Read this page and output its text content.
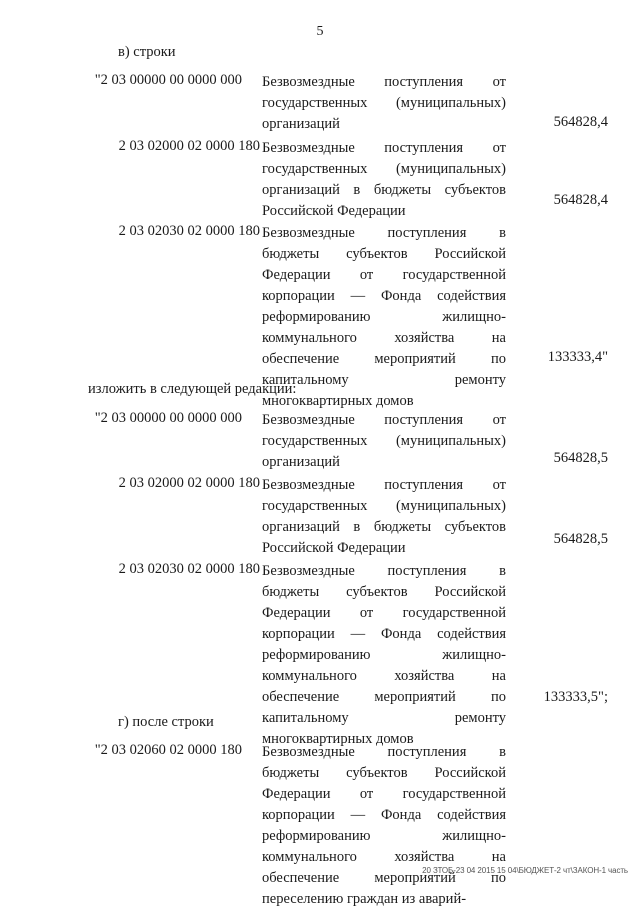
5
в) строки
"2 03 00000 00 0000 000 Безвозмездные поступления от государственных (муниципальных) организаций	564828,4
2 03 02000 02 0000 180 Безвозмездные поступления от государственных (муниципальных) организаций в бюджеты субъектов Российской Федерации
564828,4
2 03 02030 02 0000 180 Безвозмездные поступления в бюджеты субъектов Российской Федерации от государственной корпорации — Фонда содействия реформированию жилищно-коммунального хозяйства на обеспечение мероприятий по капитальному ремонту многоквартирных домов
133333,4"
изложить в следующей редакции:
"2 03 00000 00 0000 000 Безвозмездные поступления от государственных (муниципальных) организаций	564828,5
2 03 02000 02 0000 180 Безвозмездные поступления от государственных (муниципальных) организаций в бюджеты субъектов Российской Федерации
564828,5
2 03 02030 02 0000 180 Безвозмездные поступления в бюджеты субъектов Российской Федерации от государственной корпорации — Фонда содействия реформированию жилищно-коммунального хозяйства на обеспечение мероприятий по капитальному ремонту многоквартирных домов
133333,5";
г) после строки
"2 03 02060 02 0000 180 Безвозмездные поступления в бюджеты субъектов Российской Федерации от государственной корпорации — Фонда содействия реформированию жилищно-коммунального хозяйства на обеспечение мероприятий по переселению граждан из аварий-
20 ЗТОБ-23 04 2015 15 04\БЮДЖЕТ-2 чт\ЗАКОН-1 часть
